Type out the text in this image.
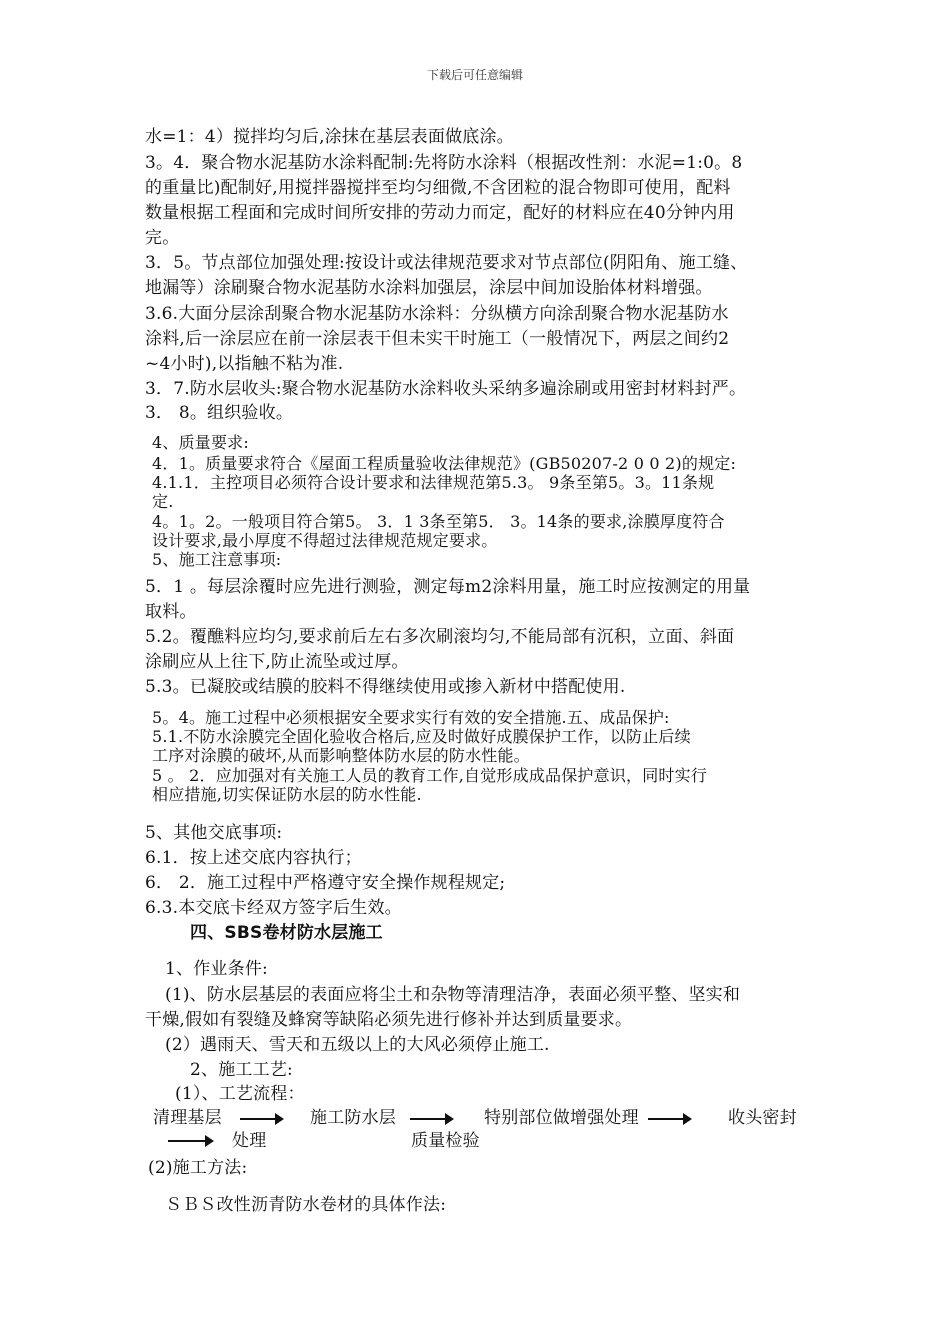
下载后可任意编辑
水=1：4）搅拌均匀后,涂抹在基层表面做底涂。
3。4．聚合物水泥基防水涂料配制:先将防水涂料（根据改性剂：水泥=1:0。8
的重量比)配制好,用搅拌器搅拌至均匀细微,不含团粒的混合物即可使用，配料
数量根据工程面和完成时间所安排的劳动力而定，配好的材料应在40分钟内用
完。
3．5。节点部位加强处理:按设计或法律规范要求对节点部位(阴阳角、施工缝、
地漏等）涂刷聚合物水泥基防水涂料加强层，涂层中间加设胎体材料增强。
3.6.大面分层涂刮聚合物水泥基防水涂料：分纵横方向涂刮聚合物水泥基防水
涂料,后一涂层应在前一涂层表干但未实干时施工（一般情况下，两层之间约2
~4小时),以指触不粘为准.
3．7.防水层收头:聚合物水泥基防水涂料收头采纳多遍涂刷或用密封材料封严。
3． 8。组织验收。
4、质量要求:
4．1。质量要求符合《屋面工程质量验收法律规范》(GB50207-2 0 0 2)的规定:
4.1.1．主控项目必须符合设计要求和法律规范第5.3。 9条至第5。3。11条规
定.
4。1。2。一般项目符合第5。 3．1 3条至第5． 3。14条的要求,涂膜厚度符合
设计要求,最小厚度不得超过法律规范规定要求。
5、施工注意事项:
5．1 。每层涂覆时应先进行测验，测定每m2涂料用量，施工时应按测定的用量
取料。
5.2。覆醮料应均匀,要求前后左右多次刷滚均匀,不能局部有沉积，立面、斜面
涂刷应从上往下,防止流坠或过厚。
5.3。已凝胶或结膜的胶料不得继续使用或掺入新材中搭配使用.
5。4。施工过程中必须根据安全要求实行有效的安全措施.五、成品保护:
5.1.不防水涂膜完全固化验收合格后,应及时做好成膜保护工作，以防止后续
工序对涂膜的破坏,从而影响整体防水层的防水性能。
5 。 2．应加强对有关施工人员的教育工作,自觉形成成品保护意识，同时实行
相应措施,切实保证防水层的防水性能.
5、其他交底事项:
6.1．按上述交底内容执行；
6． 2．施工过程中严格遵守安全操作规程规定;
6.3.本交底卡经双方签字后生效。
四、SBS卷材防水层施工
1、作业条件:
(1)、防水层基层的表面应将尘土和杂物等清理洁净，表面必须平整、坚实和
干燥,假如有裂缝及蜂窝等缺陷必须先进行修补并达到质量要求。
(2）遇雨天、雪天和五级以上的大风必须停止施工.
2、施工工艺:
(1）、工艺流程：
清理基层	施工防水层	特别部位做增强处理	收头密封
处理	质量检验
(2)施工方法:
ＳＢＳ改性沥青防水卷材的具体作法:
